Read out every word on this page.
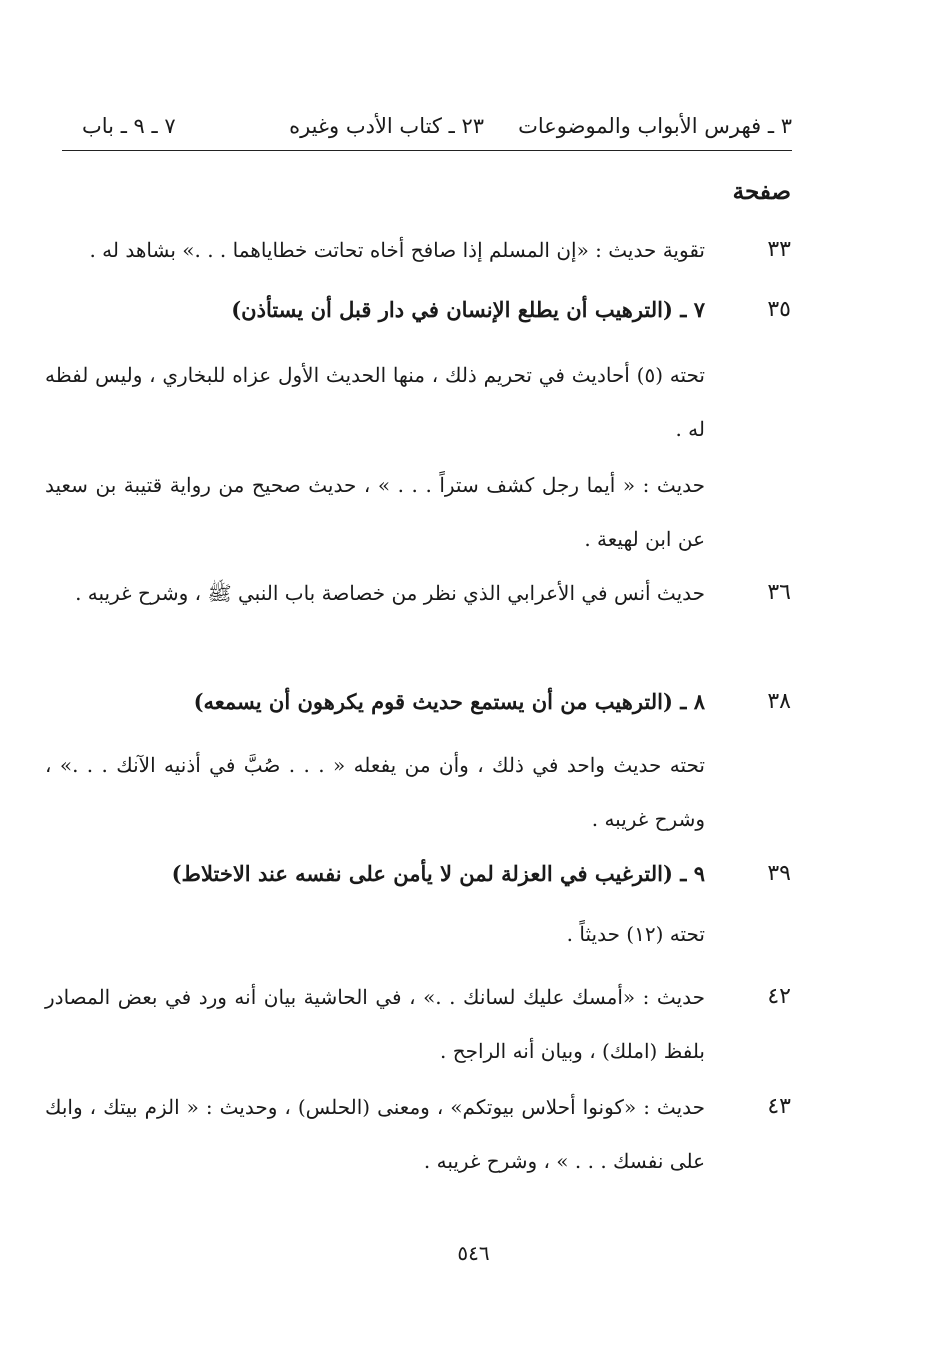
٣ ـ فهرس الأبواب والموضوعات
٢٣ ـ كتاب الأدب وغيره
٧ ـ ٩ ـ باب
صفحة
٣٣
تقوية حديث : «إن المسلم إذا صافح أخاه تحاتت خطاياهما . . .» بشاهد له .
٣٥
٧ ـ (الترهيب أن يطلع الإنسان في دار قبل أن يستأذن)
تحته (٥) أحاديث في تحريم ذلك ، منها الحديث الأول عزاه للبخاري ، وليس لفظه له .
حديث : « أيما رجل كشف ستراً . . . » ، حديث صحيح من رواية قتيبة بن سعيد عن ابن لهيعة .
٣٦
حديث أنس في الأعرابي الذي نظر من خصاصة باب النبي ﷺ ، وشرح غريبه .
٣٨
٨ ـ (الترهيب من أن يستمع حديث قوم يكرهون أن يسمعه)
تحته حديث واحد في ذلك ، وأن من يفعله « . . . صُبَّ في أذنيه الآنك . . .» ، وشرح غريبه .
٣٩
٩ ـ (الترغيب في العزلة لمن لا يأمن على نفسه عند الاختلاط)
تحته (١٢) حديثاً .
٤٢
حديث : «أمسك عليك لسانك . .» ، في الحاشية بيان أنه ورد في بعض المصادر بلفظ (املك) ، وبيان أنه الراجح .
٤٣
حديث : «كونوا أحلاس بيوتكم» ، ومعنى (الحلس) ، وحديث : « الزم بيتك ، وابك على نفسك . . . » ، وشرح غريبه .
٥٤٦
